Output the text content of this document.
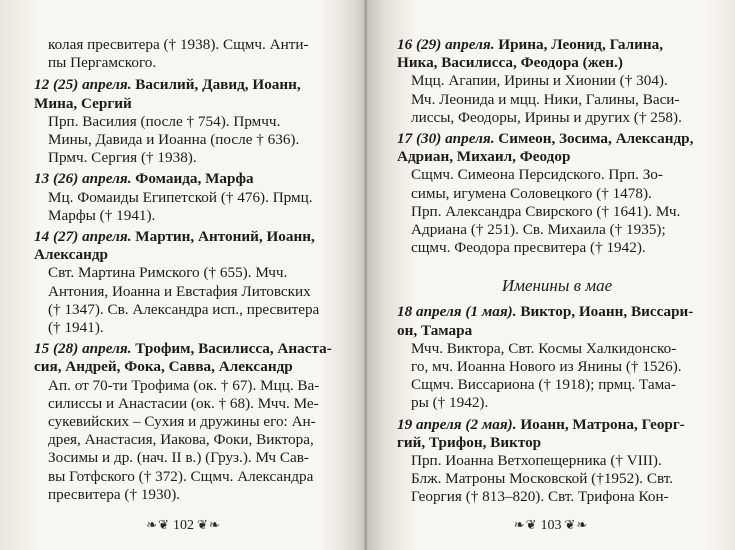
колая пресвитера († 1938). Сщмч. Анти-
пы Пергамского.

12 (25) апреля. Василий, Давид, Иоанн,
Мина, Сергий

Прп. Василия (после † 754). Прмчч.
Мины, Давида и Иоанна (после † 636).
Прмч. Сергия († 1938).

13 (26) апреля. Фомаида, Марфа

Мц. Фомаиды Египетской († 476). Прмц.
Марфы († 1941).

14 (27) апреля. Мартин, Антоний, Иоанн,
Александр

Свт. Мартина Римского († 655). Мчч.
Антония, Иоанна и Евстафия Литовских
(† 1347). Св. Александра исп., пресвитера
(† 1941).

15 (28) апреля. Трофим, Василисса, Анаста-
сия, Андрей, Фока, Савва, Александр

Ап. от 70-ти Трофима (ок. † 67). Мцц. Ва-
силиссы и Анастасии (ок. † 68). Мчч. Ме-
сукевийских – Сухия и дружины его: Ан-
дрея, Анастасия, Иакова, Фоки, Виктора,
Зосимы и др. (нач. II в.) (Груз.). Мч Сав-
вы Готфского († 372). Сщмч. Александра
пресвитера († 1930).

❧❦ 102 ❦❧

16 (29) апреля. Ирина, Леонид, Галина,
Ника, Василисса, Феодора (жен.)

Мцц. Агапии, Ирины и Хионии († 304).
Мч. Леонида и мцц. Ники, Галины, Васи-
лиссы, Феодоры, Ирины и других († 258).

17 (30) апреля. Симеон, Зосима, Александр,
Адриан, Михаил, Феодор

Сщмч. Симеона Персидского. Прп. Зо-
симы, игумена Соловецкого († 1478).
Прп. Александра Свирского († 1641). Мч.
Адриана († 251). Св. Михаила († 1935);
сщмч. Феодора пресвитера († 1942).

Именины в мае

18 апреля (1 мая). Виктор, Иоанн, Виссари-
он, Тамара

Мчч. Виктора, Свт. Космы Халкидонско-
го, мч. Иоанна Нового из Янины († 1526).
Сщмч. Виссариона († 1918); прмц. Тама-
ры († 1942).

19 апреля (2 мая). Иоанн, Матрона, Георг-
гий, Трифон, Виктор

Прп. Иоанна Ветхопещерника († VIII).
Блж. Матроны Московской (†1952). Свт.
Георгия († 813–820). Свт. Трифона Кон-

❧❦ 103 ❦❧
